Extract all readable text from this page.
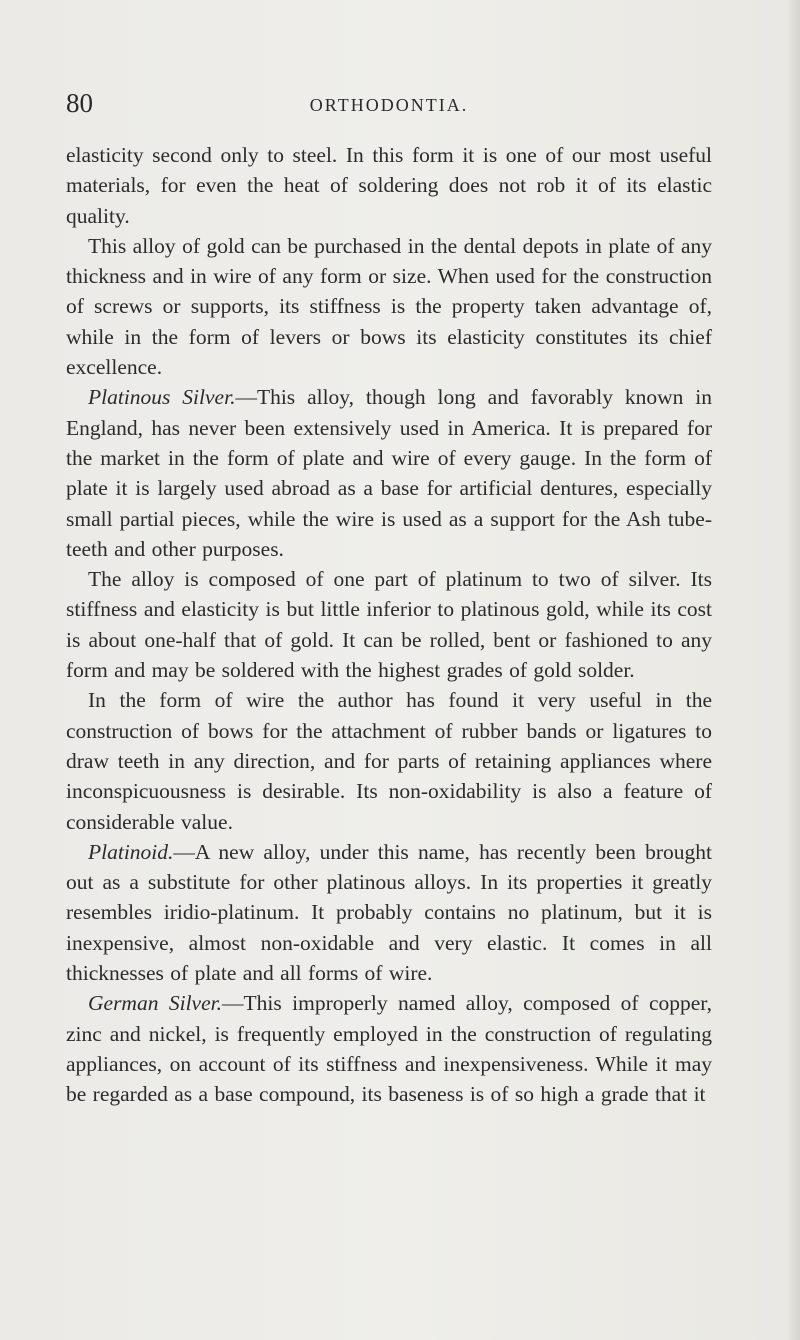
80	ORTHODONTIA.

elasticity second only to steel. In this form it is one of our most useful materials, for even the heat of soldering does not rob it of its elastic quality.

This alloy of gold can be purchased in the dental depots in plate of any thickness and in wire of any form or size. When used for the construction of screws or supports, its stiffness is the property taken advantage of, while in the form of levers or bows its elasticity constitutes its chief excellence.

Platinous Silver.—This alloy, though long and favorably known in England, has never been extensively used in America. It is prepared for the market in the form of plate and wire of every gauge. In the form of plate it is largely used abroad as a base for artificial dentures, especially small partial pieces, while the wire is used as a support for the Ash tube-teeth and other purposes.

The alloy is composed of one part of platinum to two of silver. Its stiffness and elasticity is but little inferior to platinous gold, while its cost is about one-half that of gold. It can be rolled, bent or fashioned to any form and may be soldered with the highest grades of gold solder.

In the form of wire the author has found it very useful in the construction of bows for the attachment of rubber bands or ligatures to draw teeth in any direction, and for parts of retaining appliances where inconspicuousness is desirable. Its non-oxidability is also a feature of considerable value.

Platinoid.—A new alloy, under this name, has recently been brought out as a substitute for other platinous alloys. In its properties it greatly resembles iridio-platinum. It probably contains no platinum, but it is inexpensive, almost non-oxidable and very elastic. It comes in all thicknesses of plate and all forms of wire.

German Silver.—This improperly named alloy, composed of copper, zinc and nickel, is frequently employed in the construction of regulating appliances, on account of its stiffness and inexpensiveness. While it may be regarded as a base compound, its baseness is of so high a grade that it
